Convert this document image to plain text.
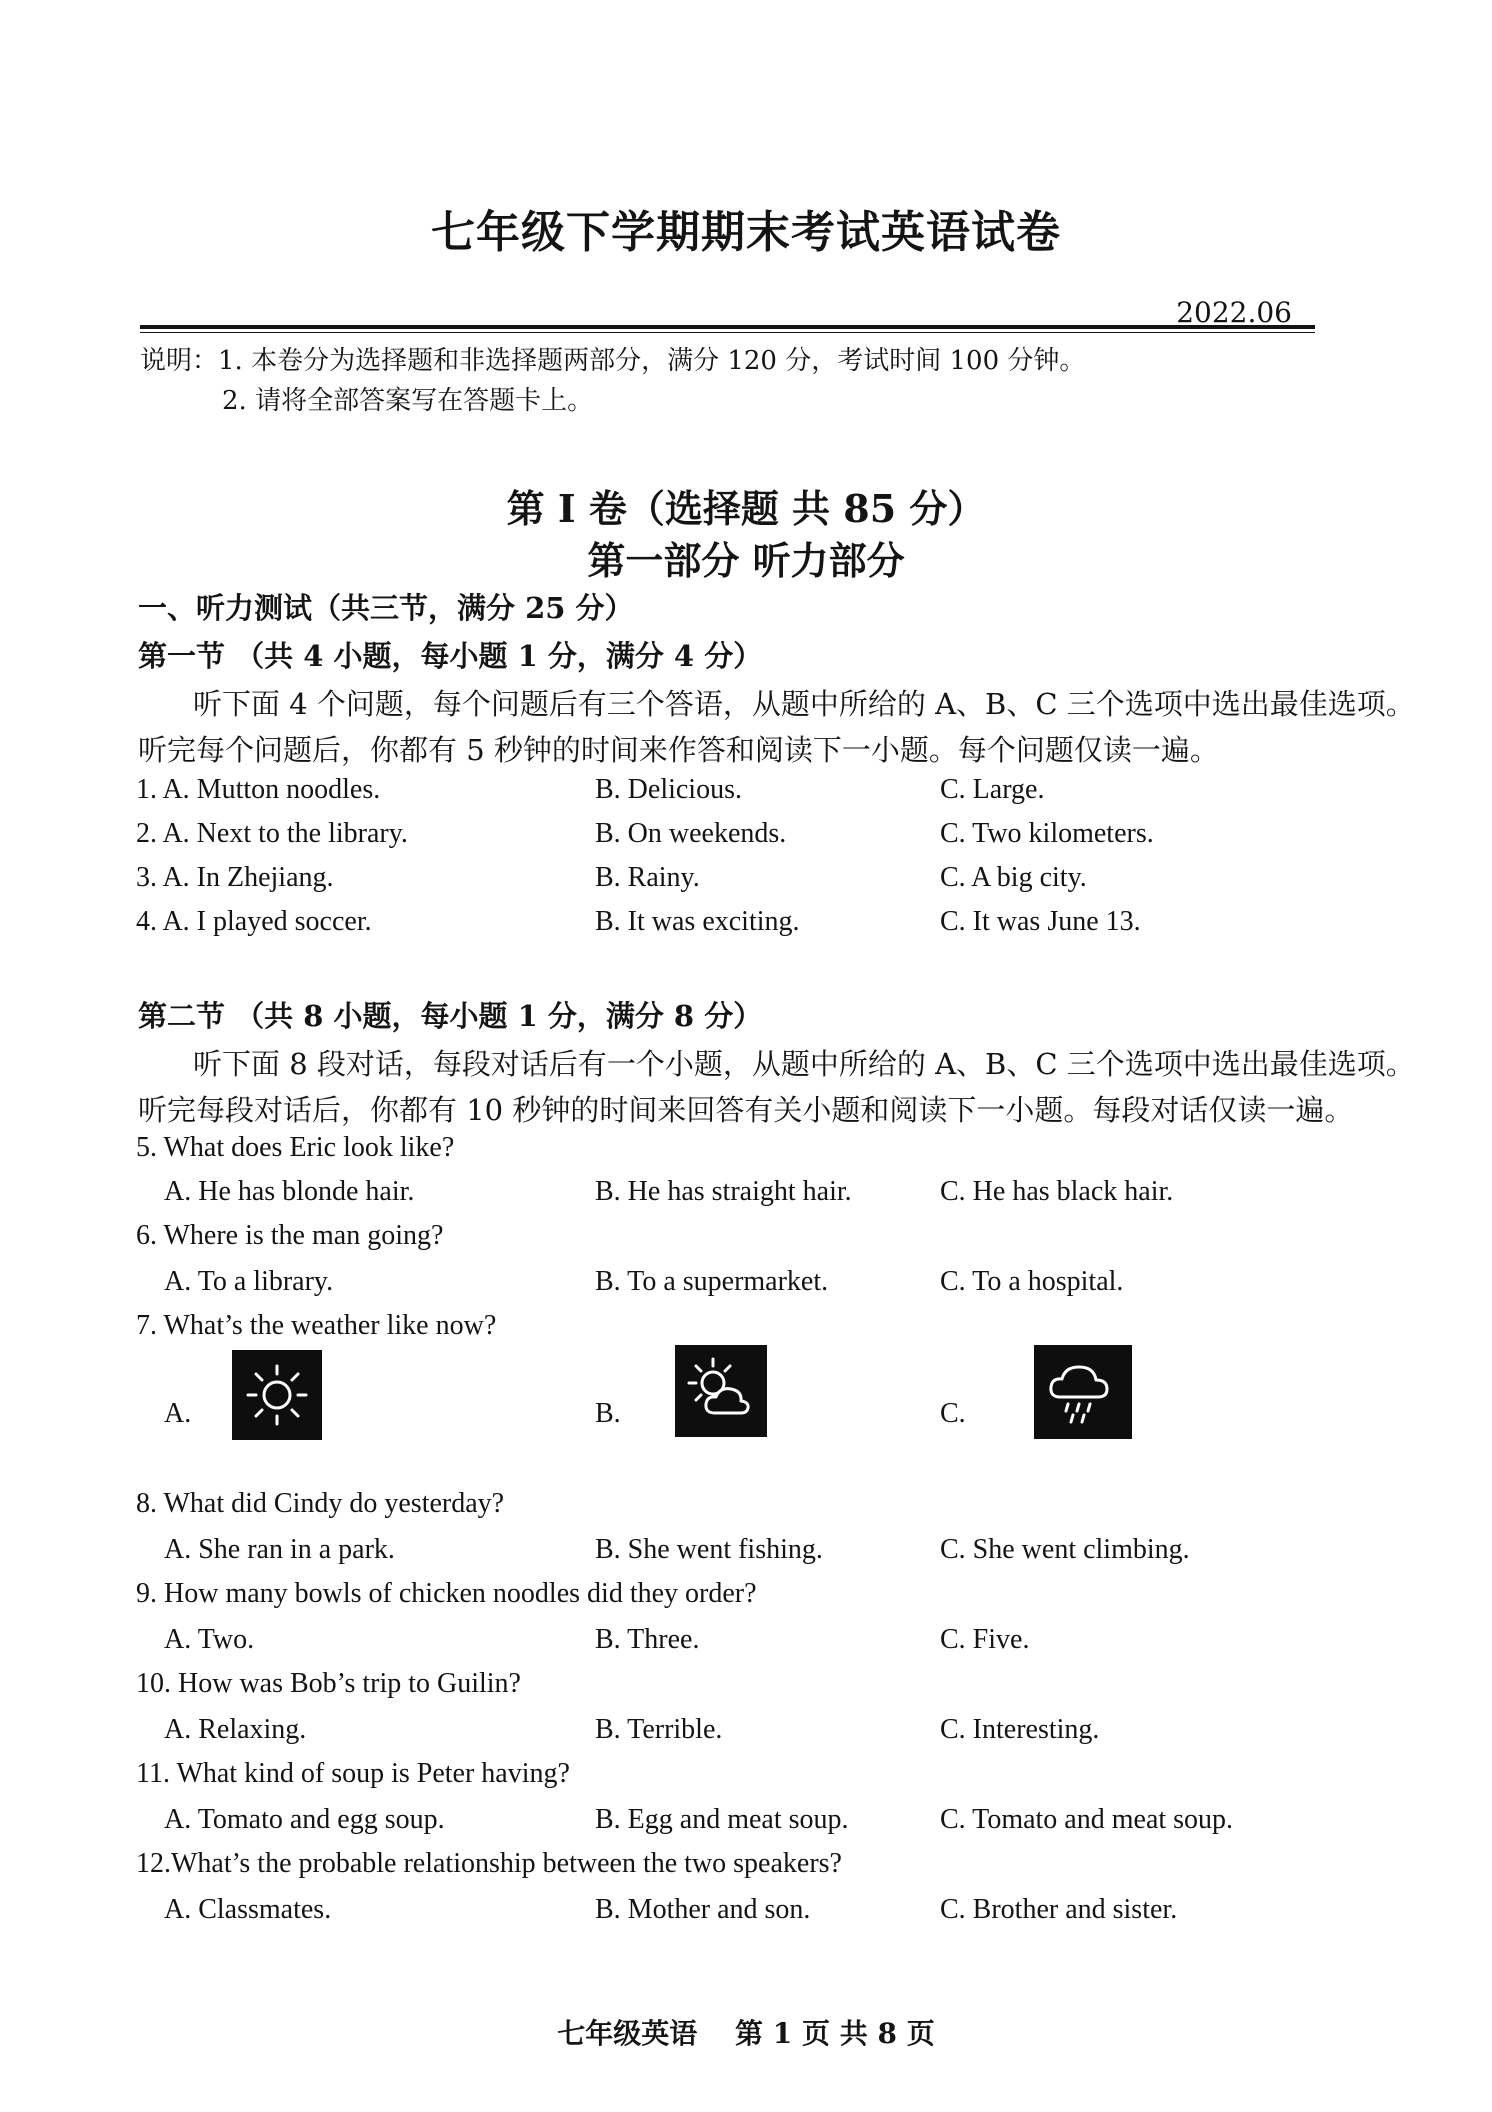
七年级下学期期末考试英语试卷
2022.06
说明：1. 本卷分为选择题和非选择题两部分，满分 120 分，考试时间 100 分钟。
2. 请将全部答案写在答题卡上。
第 I 卷（选择题 共 85 分）
第一部分 听力部分
一、听力测试（共三节，满分 25 分）
第一节 （共 4 小题，每小题 1 分，满分 4 分）
听下面 4 个问题，每个问题后有三个答语，从题中所给的 A、B、C 三个选项中选出最佳选项。
听完每个问题后，你都有 5 秒钟的时间来作答和阅读下一小题。每个问题仅读一遍。
1. A. Mutton noodles.	B. Delicious.	C. Large.
2. A. Next to the library.	B. On weekends.	C. Two kilometers.
3. A. In Zhejiang.	B. Rainy.	C. A big city.
4. A. I played soccer.	B. It was exciting.	C. It was June 13.
第二节 （共 8 小题，每小题 1 分，满分 8 分）
听下面 8 段对话，每段对话后有一个小题，从题中所给的 A、B、C 三个选项中选出最佳选项。
听完每段对话后，你都有 10 秒钟的时间来回答有关小题和阅读下一小题。每段对话仅读一遍。
5. What does Eric look like?
A. He has blonde hair.	B. He has straight hair.	C. He has black hair.
6. Where is the man going?
A. To a library.	B. To a supermarket.	C. To a hospital.
7. What’s the weather like now?
A.	B.	C.
8. What did Cindy do yesterday?
A. She ran in a park.	B. She went fishing.	C. She went climbing.
9. How many bowls of chicken noodles did they order?
A. Two.	B. Three.	C. Five.
10. How was Bob’s trip to Guilin?
A. Relaxing.	B. Terrible.	C. Interesting.
11. What kind of soup is Peter having?
A. Tomato and egg soup.	B. Egg and meat soup.	C. Tomato and meat soup.
12.What’s the probable relationship between the two speakers?
A. Classmates.	B. Mother and son.	C. Brother and sister.
七年级英语 第 1 页 共 8 页
